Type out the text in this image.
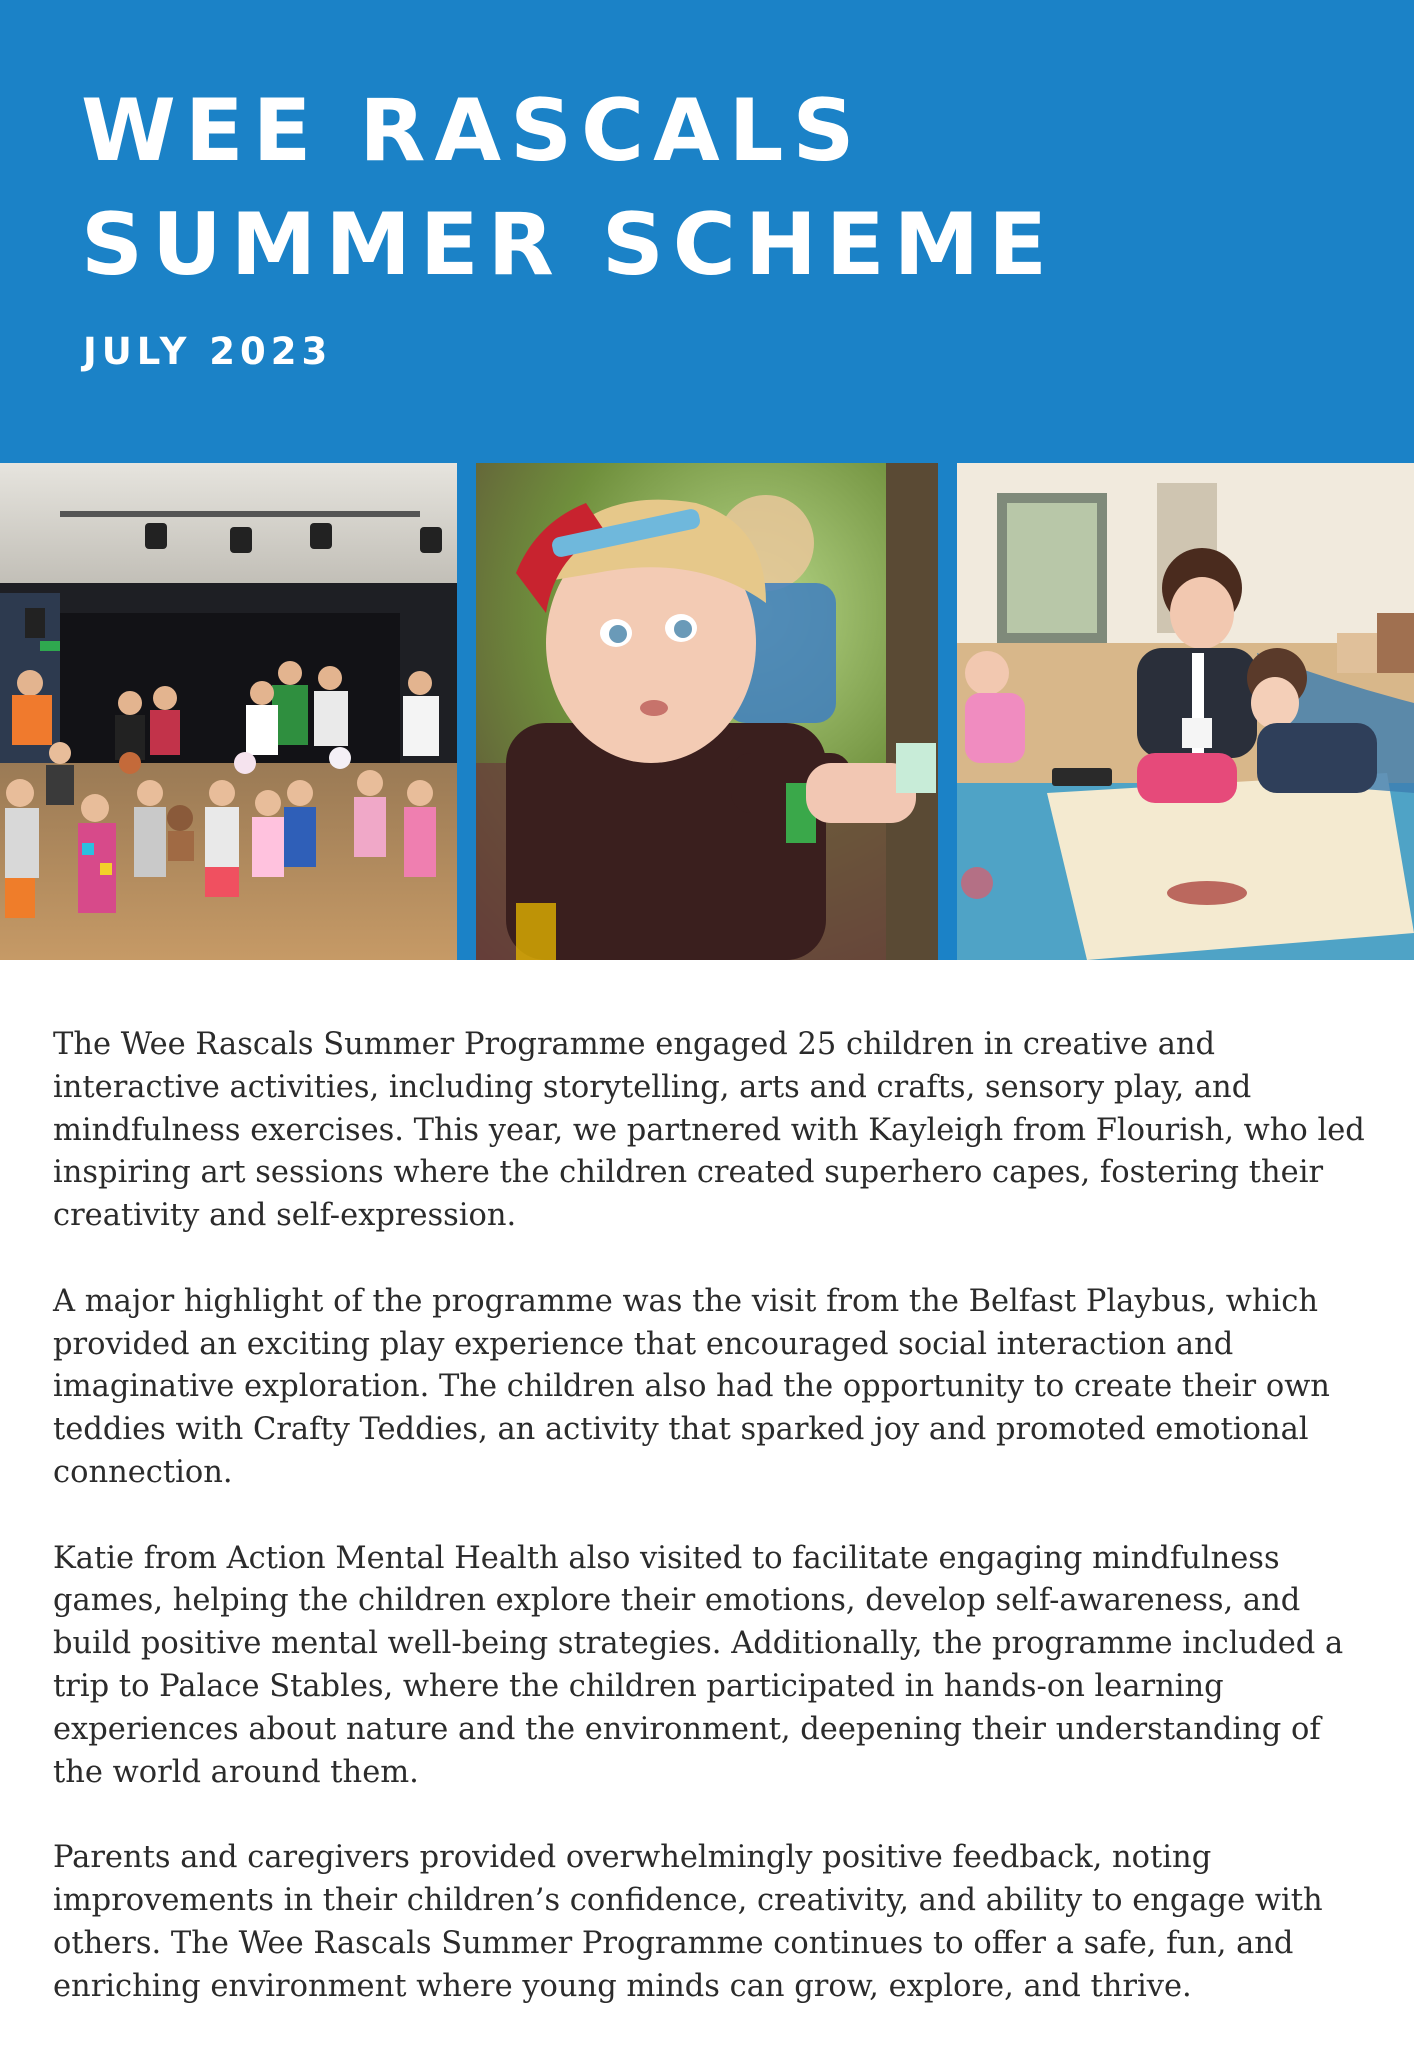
WEE RASCALS
SUMMER SCHEME
JULY 2023

The Wee Rascals Summer Programme engaged 25 children in creative and interactive activities, including storytelling, arts and crafts, sensory play, and mindfulness exercises. This year, we partnered with Kayleigh from Flourish, who led inspiring art sessions where the children created superhero capes, fostering their creativity and self-expression.

A major highlight of the programme was the visit from the Belfast Playbus, which provided an exciting play experience that encouraged social interaction and imaginative exploration. The children also had the opportunity to create their own teddies with Crafty Teddies, an activity that sparked joy and promoted emotional connection.

Katie from Action Mental Health also visited to facilitate engaging mindfulness games, helping the children explore their emotions, develop self-awareness, and build positive mental well-being strategies. Additionally, the programme included a trip to Palace Stables, where the children participated in hands-on learning experiences about nature and the environment, deepening their understanding of the world around them.

Parents and caregivers provided overwhelmingly positive feedback, noting improvements in their children’s confidence, creativity, and ability to engage with others. The Wee Rascals Summer Programme continues to offer a safe, fun, and enriching environment where young minds can grow, explore, and thrive.
